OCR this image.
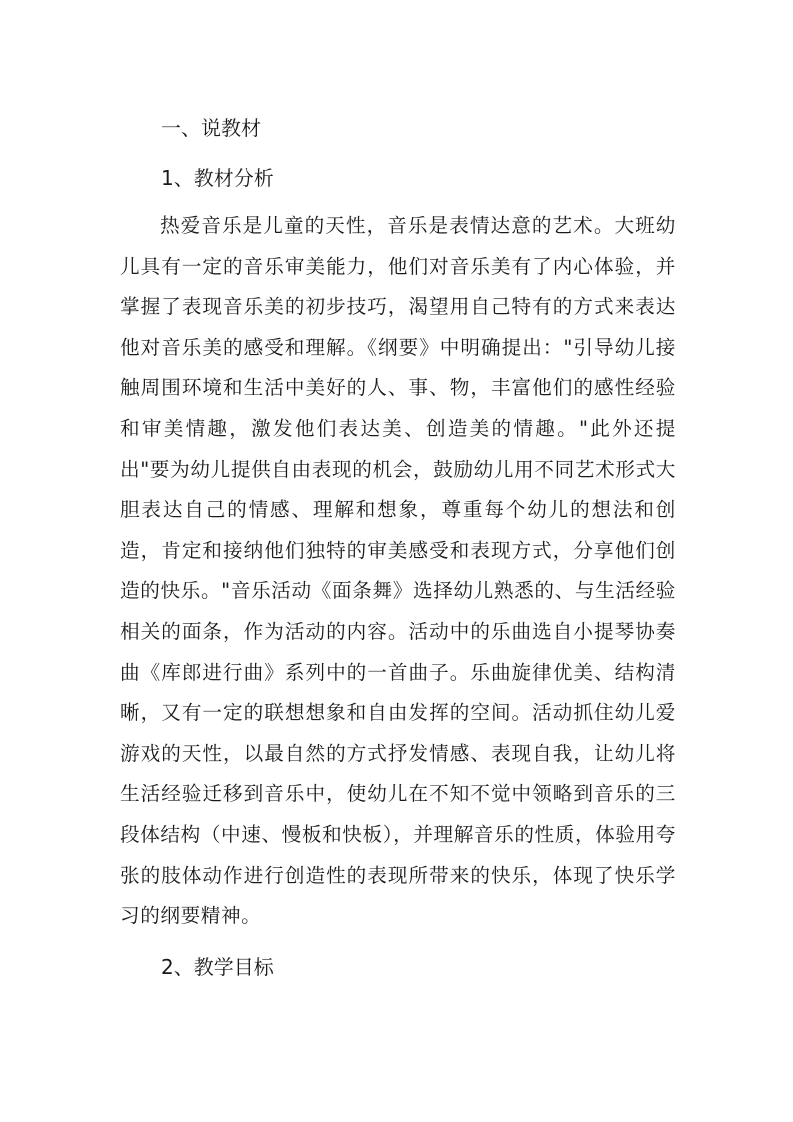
一、说教材

1、教材分析

热爱音乐是儿童的天性，音乐是表情达意的艺术。大班幼儿具有一定的音乐审美能力，他们对音乐美有了内心体验，并掌握了表现音乐美的初步技巧，渴望用自己特有的方式来表达他对音乐美的感受和理解。《纲要》中明确提出："引导幼儿接触周围环境和生活中美好的人、事、物，丰富他们的感性经验和审美情趣，激发他们表达美、创造美的情趣。"此外还提出"要为幼儿提供自由表现的机会，鼓励幼儿用不同艺术形式大胆表达自己的情感、理解和想象，尊重每个幼儿的想法和创造，肯定和接纳他们独特的审美感受和表现方式，分享他们创造的快乐。"音乐活动《面条舞》选择幼儿熟悉的、与生活经验相关的面条，作为活动的内容。活动中的乐曲选自小提琴协奏曲《库郎进行曲》系列中的一首曲子。乐曲旋律优美、结构清晰，又有一定的联想想象和自由发挥的空间。活动抓住幼儿爱游戏的天性，以最自然的方式抒发情感、表现自我，让幼儿将生活经验迁移到音乐中，使幼儿在不知不觉中领略到音乐的三段体结构（中速、慢板和快板），并理解音乐的性质，体验用夸张的肢体动作进行创造性的表现所带来的快乐，体现了快乐学习的纲要精神。

2、教学目标
